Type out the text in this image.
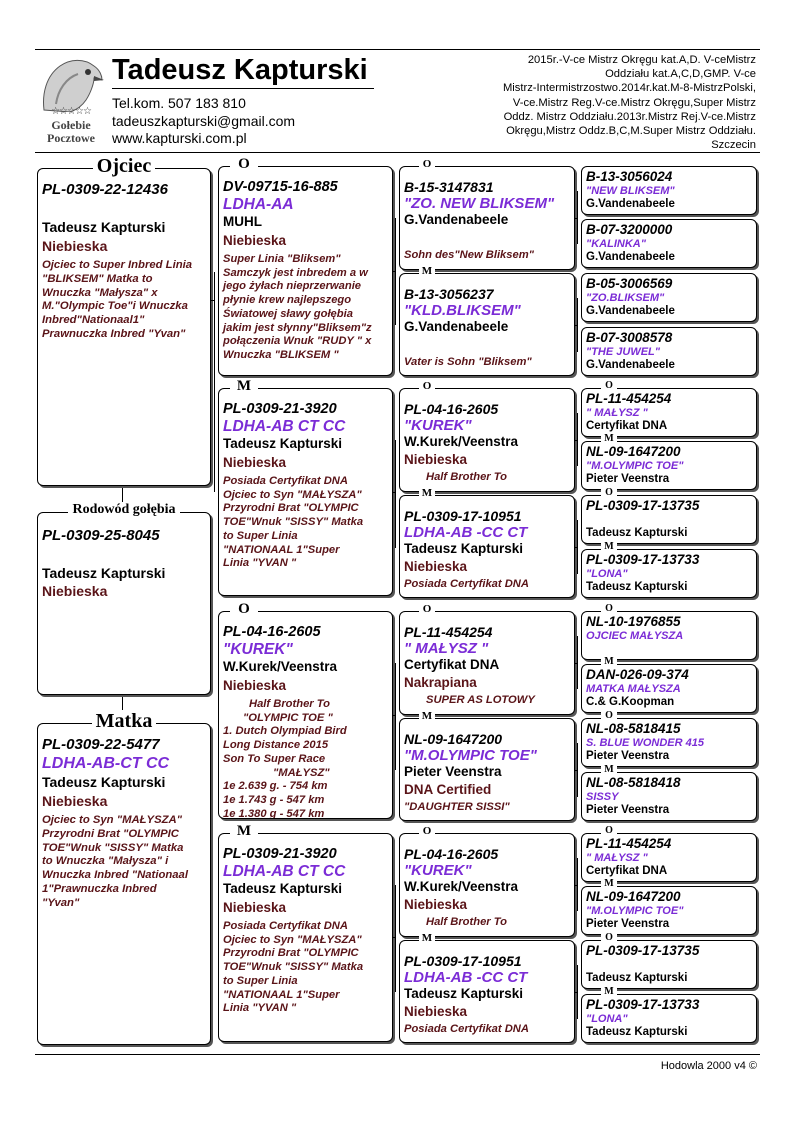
☆☆☆☆☆
Gołebie
Pocztowe
Tadeusz Kapturski
Tel.kom. 507 183 810
tadeuszkapturski@gmail.com
www.kapturski.com.pl
2015r.-V-ce Mistrz Okręgu kat.A,D. V-ceMistrz
Oddziału kat.A,C,D,GMP. V-ce
Mistrz-Intermistrzostwo.2014r.kat.M-8-MistrzPolski,
V-ce.Mistrz Reg.V-ce.Mistrz Okręgu,Super Mistrz
Oddz. Mistrz Oddziału.2013r.Mistrz Rej.V-ce.Mistrz
Okręgu,Mistrz Oddz.B,C,M.Super Mistrz Oddziału.
Szczecin
PL-0309-22-12436
Tadeusz Kapturski
Niebieska
Ojciec to Super Inbred Linia
"BLIKSEM" Matka to
Wnuczka "Małysza" x
M."Olympic Toe"i Wnuczka
Inbred"Nationaal1"
Prawnuczka Inbred "Yvan"
Ojciec
PL-0309-25-8045
Tadeusz Kapturski
Niebieska
Rodowód gołębia
PL-0309-22-5477
LDHA-AB-CT CC
Tadeusz Kapturski
Niebieska
Ojciec to Syn "MAŁYSZA"
Przyrodni Brat "OLYMPIC
TOE"Wnuk "SISSY" Matka
to Wnuczka "Małysza" i
Wnuczka Inbred "Nationaal
1"Prawnuczka Inbred
"Yvan"
Matka
DV-09715-16-885
LDHA-AA
MUHL
Niebieska
Super Linia "Bliksem"
Samczyk jest inbredem a w
jego żyłach nieprzerwanie
płynie krew najlepszego
Światowej sławy gołębia
jakim jest słynny"Bliksem"z
połączenia Wnuk "RUDY " x
Wnuczka "BLIKSEM "
O
PL-0309-21-3920
LDHA-AB CT CC
Tadeusz Kapturski
Niebieska
Posiada Certyfikat DNA
Ojciec to Syn "MAŁYSZA"
Przyrodni Brat "OLYMPIC
TOE"Wnuk "SISSY" Matka
to Super Linia
"NATIONAAL 1"Super
Linia "YVAN "
M
PL-04-16-2605
"KUREK"
W.Kurek/Veenstra
Niebieska
Half Brother To
"OLYMPIC TOE "
1. Dutch Olympiad Bird
Long Distance 2015
Son To Super Race
"MAŁYSZ"
1e 2.639 g. - 754 km
1e 1.743 g - 547 km
1e 1.380 g - 547 km
O
PL-0309-21-3920
LDHA-AB CT CC
Tadeusz Kapturski
Niebieska
Posiada Certyfikat DNA
Ojciec to Syn "MAŁYSZA"
Przyrodni Brat "OLYMPIC
TOE"Wnuk "SISSY" Matka
to Super Linia
"NATIONAAL 1"Super
Linia "YVAN "
M
B-15-3147831
"ZO. NEW BLIKSEM"
G.Vandenabeele
Sohn des"New Bliksem"
O
B-13-3056237
"KLD.BLIKSEM"
G.Vandenabeele
Vater is Sohn "Bliksem"
M
PL-04-16-2605
"KUREK"
W.Kurek/Veenstra
Niebieska
Half Brother To
O
PL-0309-17-10951
LDHA-AB -CC CT
Tadeusz Kapturski
Niebieska
Posiada Certyfikat DNA
M
PL-11-454254
" MAŁYSZ "
Certyfikat DNA
Nakrapiana
SUPER AS LOTOWY
O
NL-09-1647200
"M.OLYMPIC TOE"
Pieter Veenstra
DNA Certified
"DAUGHTER SISSI"
M
PL-04-16-2605
"KUREK"
W.Kurek/Veenstra
Niebieska
Half Brother To
O
PL-0309-17-10951
LDHA-AB -CC CT
Tadeusz Kapturski
Niebieska
Posiada Certyfikat DNA
M
B-13-3056024
"NEW BLIKSEM"
G.Vandenabeele
B-07-3200000
"KALINKA"
G.Vandenabeele
B-05-3006569
"ZO.BLIKSEM"
G.Vandenabeele
B-07-3008578
"THE JUWEL"
G.Vandenabeele
PL-11-454254
" MAŁYSZ "
Certyfikat DNA
O
NL-09-1647200
"M.OLYMPIC TOE"
Pieter Veenstra
M
PL-0309-17-13735
Tadeusz Kapturski
O
PL-0309-17-13733
"LONA"
Tadeusz Kapturski
M
NL-10-1976855
OJCIEC MAŁYSZA
O
DAN-026-09-374
MATKA MAŁYSZA
C.& G.Koopman
M
NL-08-5818415
S. BLUE WONDER 415
Pieter Veenstra
O
NL-08-5818418
SISSY
Pieter Veenstra
M
PL-11-454254
" MAŁYSZ "
Certyfikat DNA
O
NL-09-1647200
"M.OLYMPIC TOE"
Pieter Veenstra
M
PL-0309-17-13735
Tadeusz Kapturski
O
PL-0309-17-13733
"LONA"
Tadeusz Kapturski
M
Hodowla 2000 v4 ©
